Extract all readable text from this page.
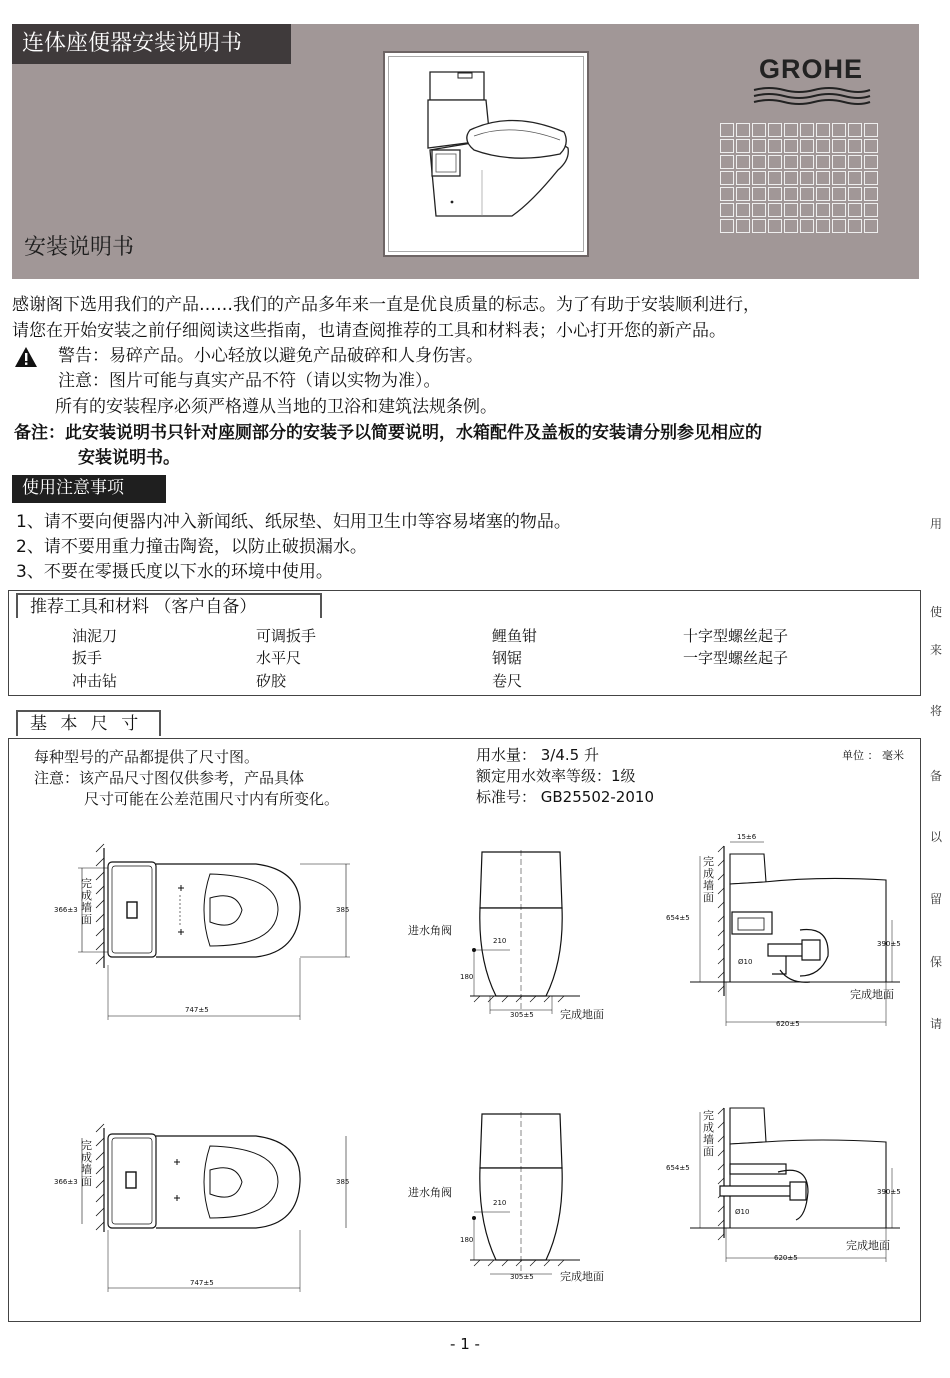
连体座便器安装说明书
安装说明书
GROHE
感谢阁下选用我们的产品……我们的产品多年来一直是优良质量的标志。为了有助于安装顺利进行，
请您在开始安装之前仔细阅读这些指南，也请查阅推荐的工具和材料表；小心打开您的新产品。
警告：易碎产品。小心轻放以避免产品破碎和人身伤害。
注意：图片可能与真实产品不符（请以实物为准）。
所有的安装程序必须严格遵从当地的卫浴和建筑法规条例。
备注：此安装说明书只针对座厕部分的安装予以简要说明，水箱配件及盖板的安装请分别参见相应的
安装说明书。
使用注意事项
1、请不要向便器内冲入新闻纸、纸尿垫、妇用卫生巾等容易堵塞的物品。
2、请不要用重力撞击陶瓷，以防止破损漏水。
3、不要在零摄氏度以下水的环境中使用。
推荐工具和材料 （客户自备）
油泥刀	可调扳手	鲤鱼钳	十字型螺丝起子
扳手	水平尺	钢锯	一字型螺丝起子
冲击钻	矽胶	卷尺
基 本 尺 寸
每种型号的产品都提供了尺寸图。
注意：该产品尺寸图仅供参考，产品具体
尺寸可能在公差范围尺寸内有所变化。
用水量： 3/4.5 升
额定用水效率等级：1级
标准号： GB25502-2010
单位 ： 毫米
366±3	385
747±5
完成墙面
进水角阀
210
180
305±5 完成地面
15±6
654±5
390±5
620±5
Ø10
完成墙面
完成地面
366±3	385
747±5
完成墙面
进水角阀
210
180
305±5 完成地面
654±5
390±5
620±5
Ø10
完成墙面
完成地面
用
使
来
将
备
以
留
保
请
- 1 -
